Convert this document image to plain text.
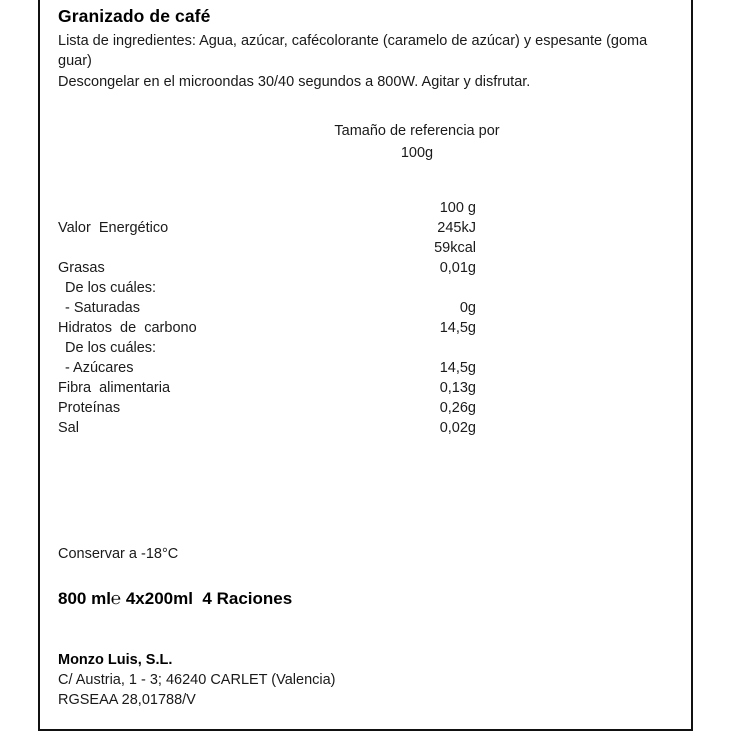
Granizado de café
Lista de ingredientes: Agua, azúcar, cafécolorante (caramelo de azúcar) y espesante (goma guar)
Descongelar en el microondas 30/40 segundos a 800W. Agitar y disfrutar.
Tamaño de referencia por
100g
100 g
Valor  Energético	245kJ
59kcal
Grasas	0,01g
De los cuáles:
- Saturadas	0g
Hidratos  de  carbono	14,5g
De los cuáles:
- Azúcares	14,5g
Fibra  alimentaria	0,13g
Proteínas	0,26g
Sal	0,02g
Conservar a -18°C
800 ml℮ 4x200ml  4 Raciones
Monzo Luis, S.L.
C/ Austria, 1 - 3; 46240 CARLET (Valencia)
RGSEAA 28,01788/V
